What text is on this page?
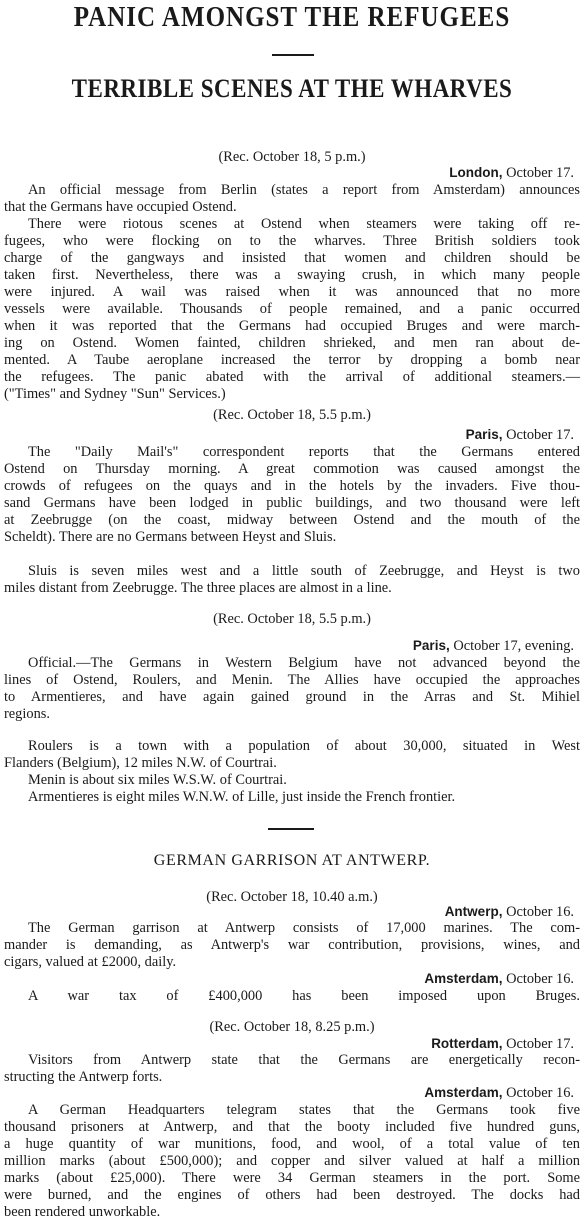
PANIC AMONGST THE REFUGEES
TERRIBLE SCENES AT THE WHARVES
(Rec. October 18, 5 p.m.)
London, October 17.
An official message from Berlin (states a report from Amsterdam) announces
that the Germans have occupied Ostend.
There were riotous scenes at Ostend when steamers were taking off re-
fugees, who were flocking on to the wharves. Three British soldiers took
charge of the gangways and insisted that women and children should be
taken first. Nevertheless, there was a swaying crush, in which many people
were injured. A wail was raised when it was announced that no more
vessels were available. Thousands of people remained, and a panic occurred
when it was reported that the Germans had occupied Bruges and were march-
ing on Ostend. Women fainted, children shrieked, and men ran about de-
mented. A Taube aeroplane increased the terror by dropping a bomb near
the refugees. The panic abated with the arrival of additional steamers.—
("Times" and Sydney "Sun" Services.)
(Rec. October 18, 5.5 p.m.)
Paris, October 17.
The "Daily Mail's" correspondent reports that the Germans entered
Ostend on Thursday morning. A great commotion was caused amongst the
crowds of refugees on the quays and in the hotels by the invaders. Five thou-
sand Germans have been lodged in public buildings, and two thousand were left
at Zeebrugge (on the coast, midway between Ostend and the mouth of the
Scheldt). There are no Germans between Heyst and Sluis.
Sluis is seven miles west and a little south of Zeebrugge, and Heyst is two
miles distant from Zeebrugge. The three places are almost in a line.
(Rec. October 18, 5.5 p.m.)
Paris, October 17, evening.
Official.—The Germans in Western Belgium have not advanced beyond the
lines of Ostend, Roulers, and Menin. The Allies have occupied the approaches
to Armentieres, and have again gained ground in the Arras and St. Mihiel
regions.
Roulers is a town with a population of about 30,000, situated in West
Flanders (Belgium), 12 miles N.W. of Courtrai.
Menin is about six miles W.S.W. of Courtrai.
Armentieres is eight miles W.N.W. of Lille, just inside the French frontier.
(Rec. October 18, 10.40 a.m.)
Antwerp, October 16.
The German garrison at Antwerp consists of 17,000 marines. The com-
mander is demanding, as Antwerp's war contribution, provisions, wines, and
cigars, valued at £2000, daily.
Amsterdam, October 16.
A war tax of £400,000 has been imposed upon Bruges.
(Rec. October 18, 8.25 p.m.)
Rotterdam, October 17.
Visitors from Antwerp state that the Germans are energetically recon-
structing the Antwerp forts.
Amsterdam, October 16.
A German Headquarters telegram states that the Germans took five
thousand prisoners at Antwerp, and that the booty included five hundred guns,
a huge quantity of war munitions, food, and wool, of a total value of ten
million marks (about £500,000); and copper and silver valued at half a million
marks (about £25,000). There were 34 German steamers in the port. Some
were burned, and the engines of others had been destroyed. The docks had
been rendered unworkable.
GERMAN GARRISON AT ANTWERP.
